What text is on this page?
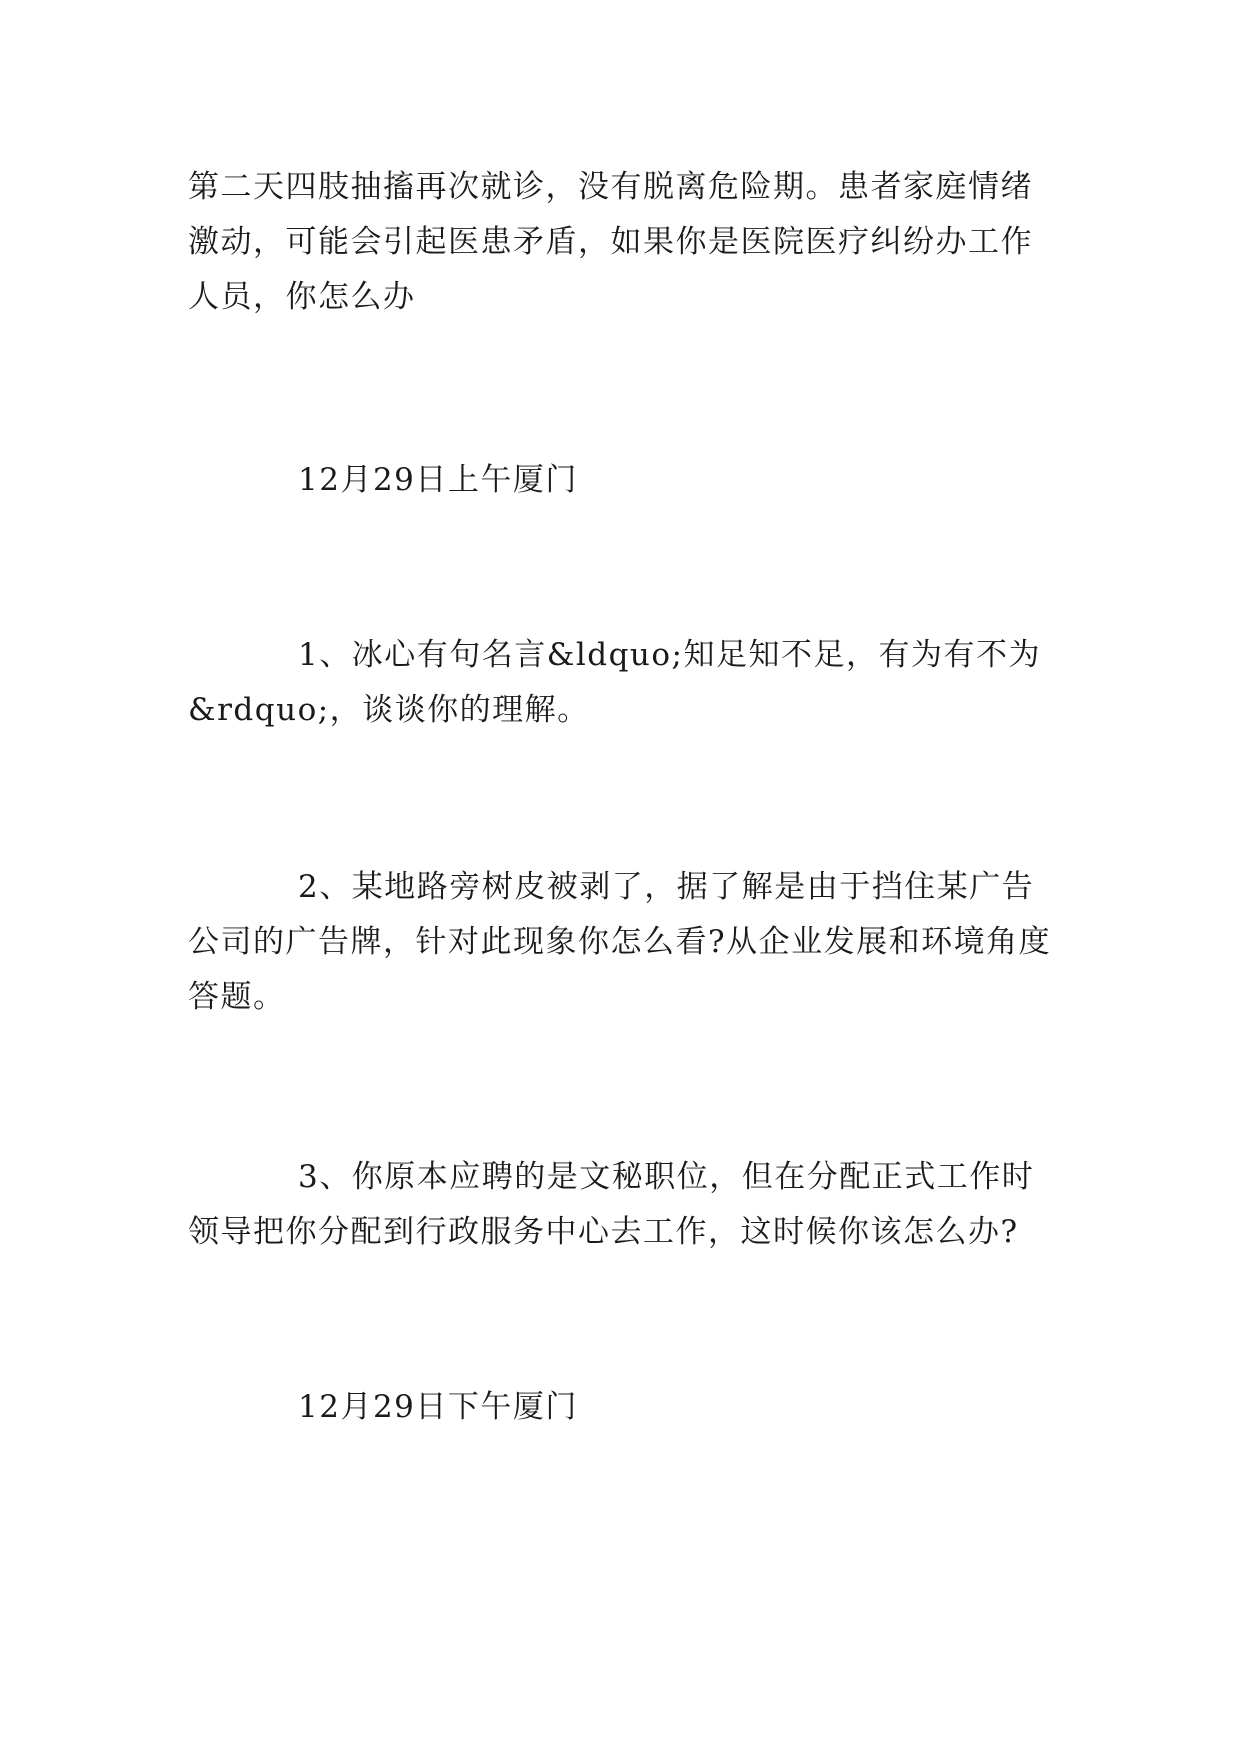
第二天四肢抽搐再次就诊，没有脱离危险期。患者家庭情绪激动，可能会引起医患矛盾，如果你是医院医疗纠纷办工作人员，你怎么办

12月29日上午厦门

1、冰心有句名言&ldquo;知足知不足，有为有不为&rdquo;，谈谈你的理解。

2、某地路旁树皮被剥了，据了解是由于挡住某广告公司的广告牌，针对此现象你怎么看?从企业发展和环境角度答题。

3、你原本应聘的是文秘职位，但在分配正式工作时领导把你分配到行政服务中心去工作，这时候你该怎么办?

12月29日下午厦门
